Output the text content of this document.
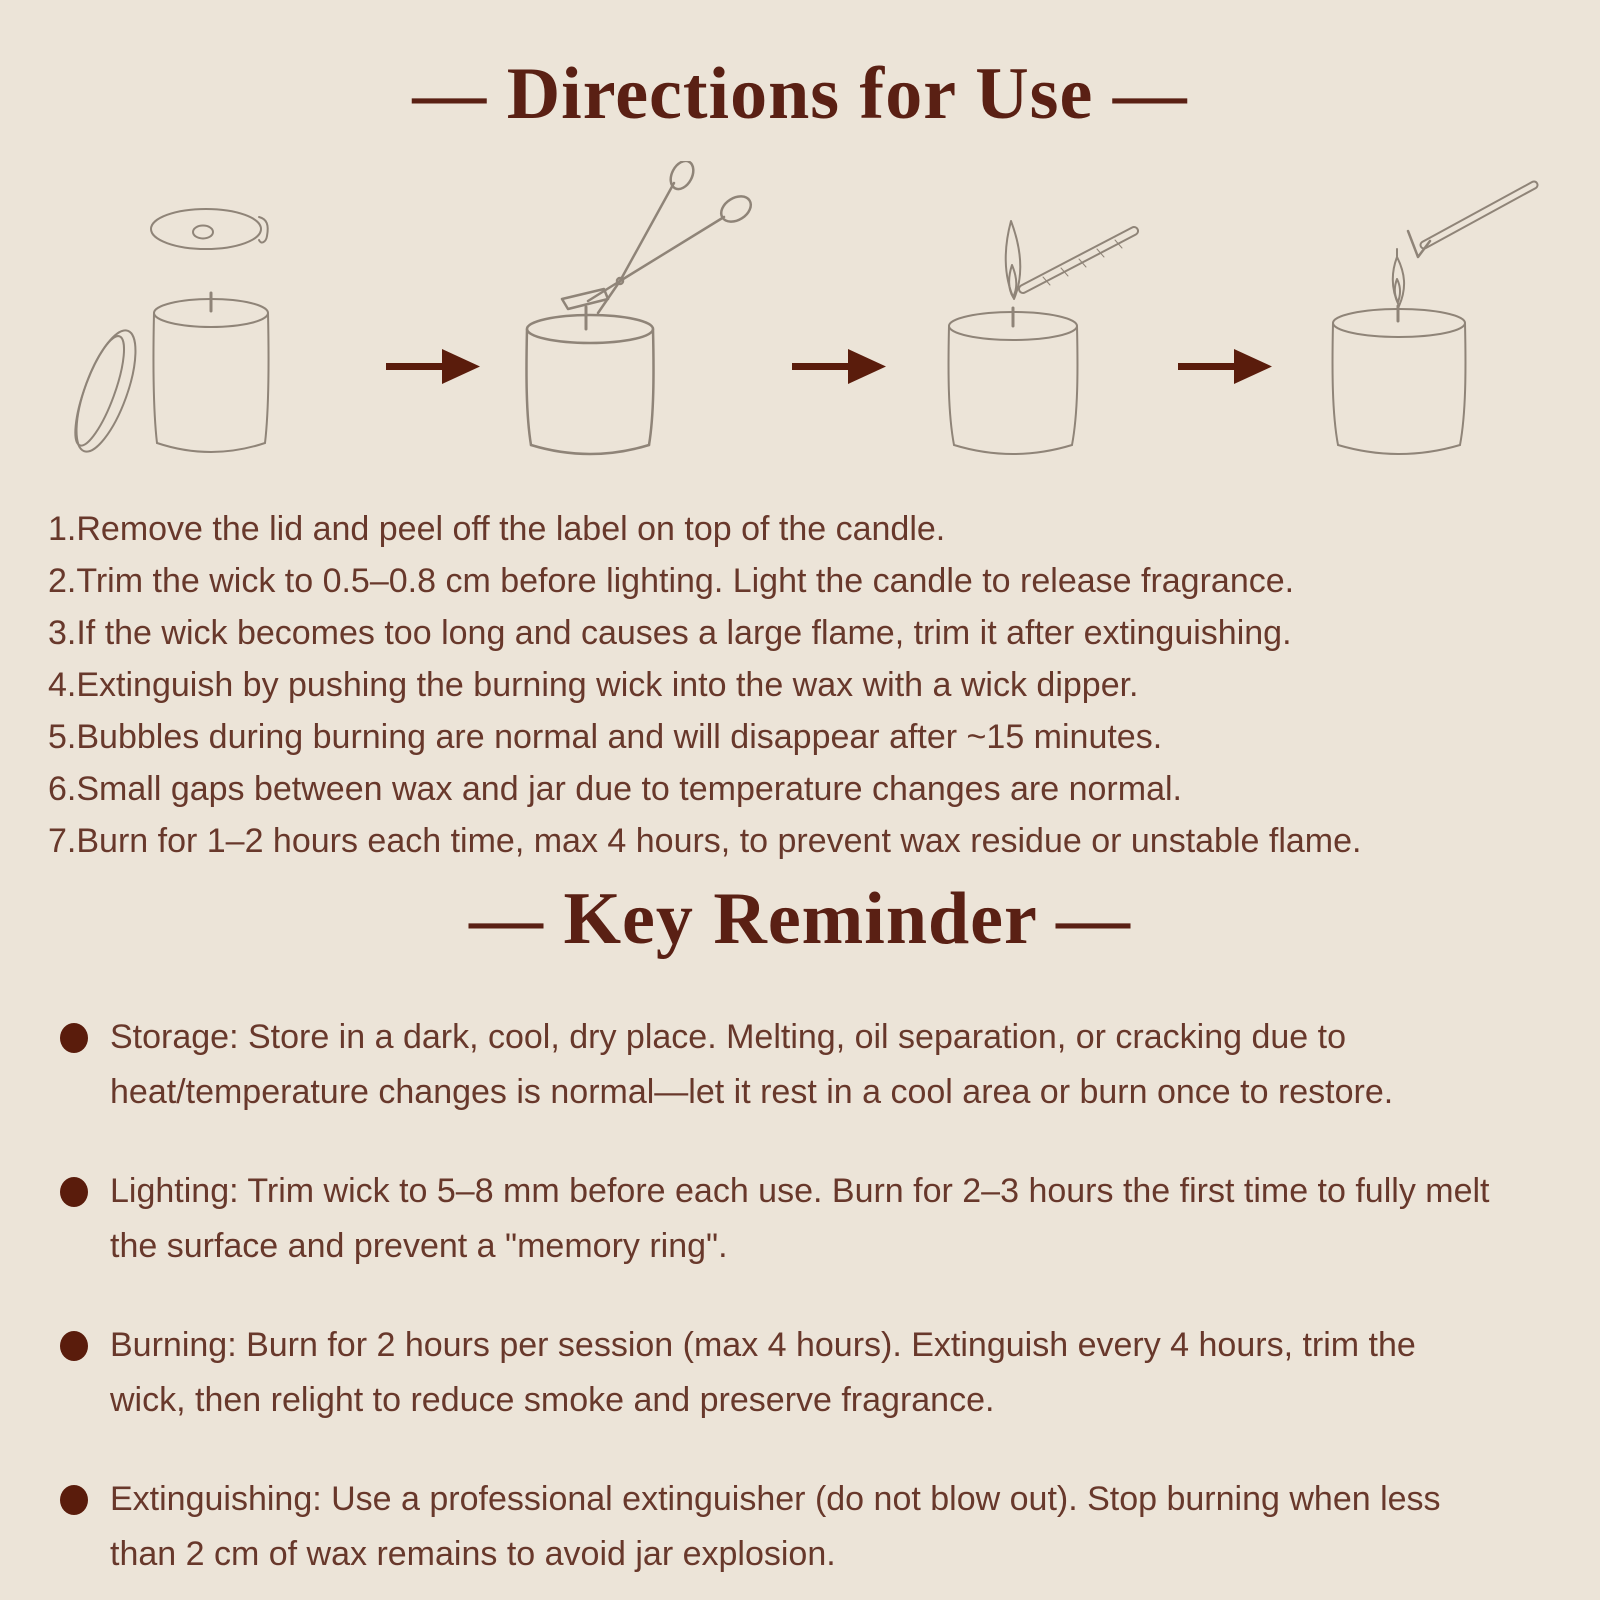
— Directions for Use —

1.Remove the lid and peel off the label on top of the candle.

2.Trim the wick to 0.5–0.8 cm before lighting. Light the candle to release fragrance.

3.If the wick becomes too long and causes a large flame, trim it after extinguishing.

4.Extinguish by pushing the burning wick into the wax with a wick dipper.

5.Bubbles during burning are normal and will disappear after ~15 minutes.

6.Small gaps between wax and jar due to temperature changes are normal.

7.Burn for 1–2 hours each time, max 4 hours, to prevent wax residue or unstable flame.

— Key Reminder —

Storage: Store in a dark, cool, dry place. Melting, oil separation, or cracking due to heat/temperature changes is normal—let it rest in a cool area or burn once to restore.

Lighting: Trim wick to 5–8 mm before each use. Burn for 2–3 hours the first time to fully melt the surface and prevent a "memory ring".

Burning: Burn for 2 hours per session (max 4 hours). Extinguish every 4 hours, trim the wick, then relight to reduce smoke and preserve fragrance.

Extinguishing: Use a professional extinguisher (do not blow out). Stop burning when less than 2 cm of wax remains to avoid jar explosion.
